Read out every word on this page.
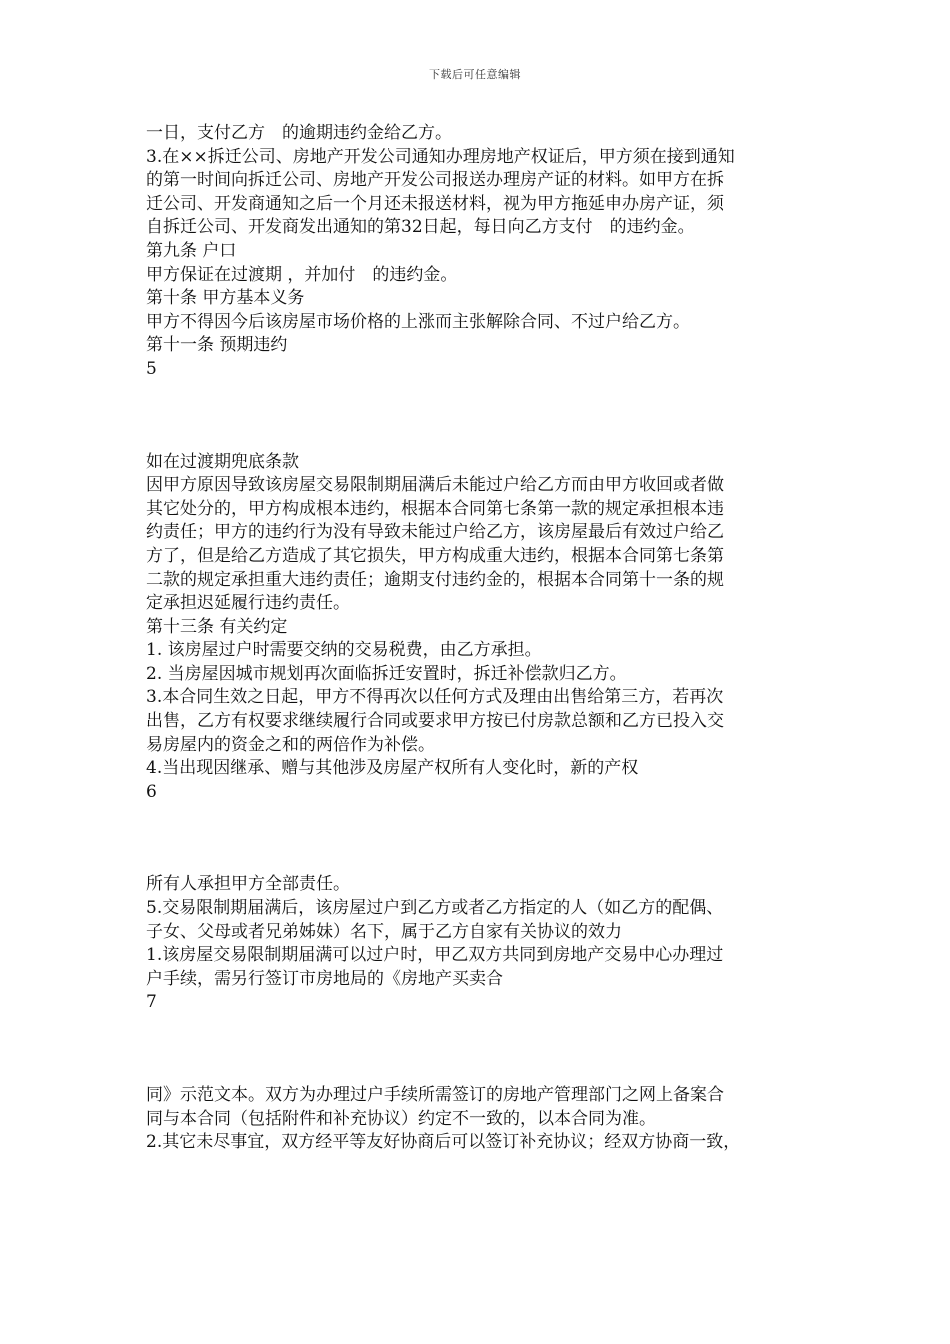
下载后可任意编辑
一日，支付乙方　的逾期违约金给乙方。
3.在××拆迁公司、房地产开发公司通知办理房地产权证后，甲方须在接到通知
的第一时间向拆迁公司、房地产开发公司报送办理房产证的材料。如甲方在拆
迁公司、开发商通知之后一个月还未报送材料，视为甲方拖延申办房产证，须
自拆迁公司、开发商发出通知的第32日起，每日向乙方支付　的违约金。
第九条 户口
甲方保证在过渡期 ，并加付　的违约金。
第十条 甲方基本义务
甲方不得因今后该房屋市场价格的上涨而主张解除合同、不过户给乙方。
第十一条 预期违约
5
如在过渡期兜底条款
因甲方原因导致该房屋交易限制期届满后未能过户给乙方而由甲方收回或者做
其它处分的，甲方构成根本违约，根据本合同第七条第一款的规定承担根本违
约责任；甲方的违约行为没有导致未能过户给乙方，该房屋最后有效过户给乙
方了，但是给乙方造成了其它损失，甲方构成重大违约，根据本合同第七条第
二款的规定承担重大违约责任；逾期支付违约金的，根据本合同第十一条的规
定承担迟延履行违约责任。
第十三条 有关约定
1. 该房屋过户时需要交纳的交易税费，由乙方承担。
2. 当房屋因城市规划再次面临拆迁安置时，拆迁补偿款归乙方。
3.本合同生效之日起，甲方不得再次以任何方式及理由出售给第三方，若再次
出售，乙方有权要求继续履行合同或要求甲方按已付房款总额和乙方已投入交
易房屋内的资金之和的两倍作为补偿。
4.当出现因继承、赠与其他涉及房屋产权所有人变化时，新的产权
6
所有人承担甲方全部责任。
5.交易限制期届满后，该房屋过户到乙方或者乙方指定的人（如乙方的配偶、
子女、父母或者兄弟姊妹）名下，属于乙方自家有关协议的效力
1.该房屋交易限制期届满可以过户时，甲乙双方共同到房地产交易中心办理过
户手续，需另行签订市房地局的《房地产买卖合
7
同》示范文本。双方为办理过户手续所需签订的房地产管理部门之网上备案合
同与本合同（包括附件和补充协议）约定不一致的，以本合同为准。
2.其它未尽事宜，双方经平等友好协商后可以签订补充协议；经双方协商一致，
